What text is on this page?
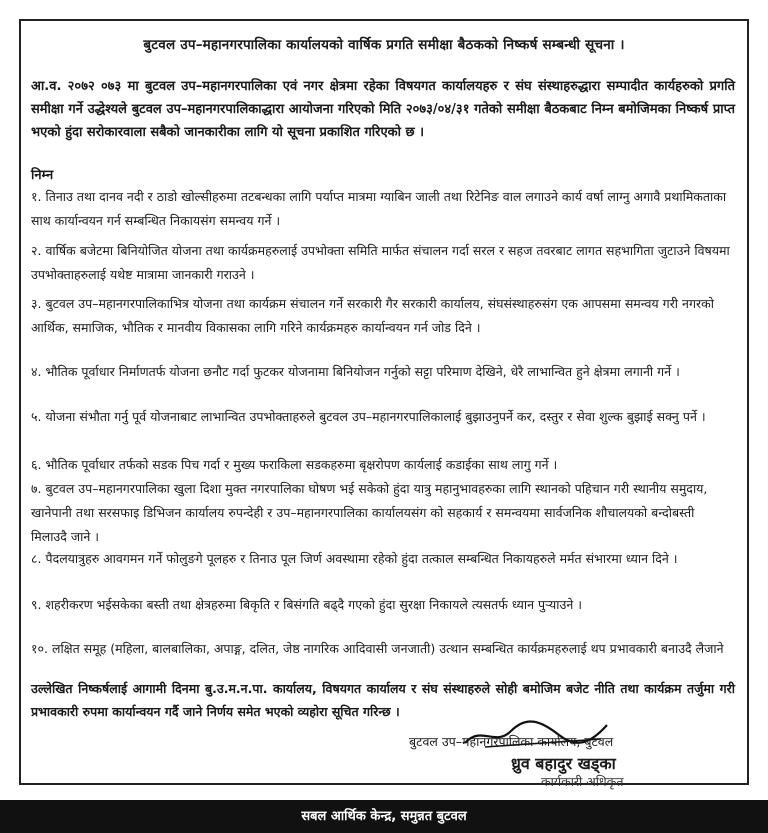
बुटवल उप–महानगरपालिका कार्यालयको वार्षिक प्रगति समीक्षा बैठकको निष्कर्ष सम्बन्धी सूचना ।
आ.व. २०७२ ०७३ मा बुटवल उप–महानगरपालिका एवं नगर क्षेत्रमा रहेका विषयगत कार्यालयहरु र संघ संस्थाहरुद्धारा सम्पादीत कार्यहरुको प्रगति समीक्षा गर्ने उद्धेश्यले बुटवल उप–महानगरपालिकाद्धारा आयोजना गरिएको मिति २०७३/०४/३१ गतेको समीक्षा बैठकबाट निम्न बमोजिमका निष्कर्ष प्राप्त भएको हुंदा सरोकारवाला सबैको जानकारीका लागि यो सूचना प्रकाशित गरिएको छ ।
निम्न
१. तिनाउ तथा दानव नदी र ठाडो खोल्सीहरुमा तटबन्धका लागि पर्याप्त मात्रमा ग्याबिन जाली तथा रिटेनिङ वाल लगाउने कार्य वर्षा लाग्नु अगावै प्रथामिकताका साथ कार्यान्वयन गर्न सम्बन्धित निकायसंग समन्वय गर्ने ।
२. वार्षिक बजेटमा बिनियोजित योजना तथा कार्यक्रमहरुलाई उपभोक्ता समिति मार्फत संचालन गर्दा सरल र सहज तवरबाट लागत सहभागिता जुटाउने विषयमा उपभोक्ताहरुलाई यथेष्ट मात्रामा जानकारी गराउने ।
३. बुटवल उप–महानगरपालिकाभित्र योजना तथा कार्यक्रम संचालन गर्ने सरकारी गैर सरकारी कार्यालय, संघसंस्थाहरुसंग एक आपसमा समन्वय गरी नगरको आर्थिक, समाजिक, भौतिक र मानवीय विकासका लागि गरिने कार्यक्रमहरु कार्यान्वयन गर्न जोड दिने ।
४. भौतिक पूर्वाधार निर्माणतर्फ योजना छनौट गर्दा फुटकर योजनामा बिनियोजन गर्नुको सट्टा परिमाण देखिने, धेरै लाभान्वित हुने क्षेत्रमा लगानी गर्ने ।
५. योजना संभौता गर्नु पूर्व योजनाबाट लाभान्वित उपभोक्ताहरुले बुटवल उप–महानगरपालिकालाई बुझाउनुपर्ने कर, दस्तुर र सेवा शुल्क बुझाई सक्नु पर्ने ।
६. भौतिक पूर्वाधार तर्फको सडक पिच गर्दा र मुख्य फराकिला सडकहरुमा बृक्षरोपण कार्यलाई कडाईका साथ लागु गर्ने ।
७. बुटवल उप–महानगरपालिका खुला दिशा मुक्त नगरपालिका घोषण भई सकेको हुंदा यात्रु महानुभावहरुका लागि स्थानको पहिचान गरी स्थानीय समुदाय, खानेपानी तथा सरसफाइ डिभिजन कार्यालय रुपन्देही र उप–महानगरपालिका कार्यालयसंग को सहकार्य र समन्वयमा सार्वजनिक शौचालयको बन्दोबस्ती मिलाउदै जाने ।
८. पैदलयात्रुहरु आवगमन गर्ने फोलुङगे पूलहरु र तिनाउ पूल जिर्ण अवस्थामा रहेको हुंदा तत्काल सम्बन्धित निकायहरुले मर्मत संभारमा ध्यान दिने ।
९. शहरीकरण भईसकेका बस्ती तथा क्षेत्रहरुमा बिकृति र बिसंगति बढ्दै गएको हुंदा सुरक्षा निकायले त्यसतर्फ ध्यान पुऱ्याउने ।
१०. लक्षित समूह (महिला, बालबालिका, अपाङ्ग, दलित, जेष्ठ नागरिक आदिवासी जनजाती) उत्थान सम्बन्धित कार्यक्रमहरुलाई थप प्रभावकारी बनाउदै लैजाने
उल्लेखित निष्कर्षलाई आगामी दिनमा बु.उ.म.न.पा. कार्यालय, विषयगत कार्यालय र संघ संस्थाहरुले सोही बमोजिम बजेट नीति तथा कार्यक्रम तर्जुमा गरी प्रभावकारी रुपमा कार्यान्वयन गर्दै जाने निर्णय समेत भएको व्यहोरा सूचित गरिन्छ ।
बुटवल उप–महानगरपालिका कार्यालय, बुटवल
ध्रुव बहादुर खड्का
कार्यकारी अधिकृत
सबल आर्थिक केन्द्र, समुन्नत बुटवल
